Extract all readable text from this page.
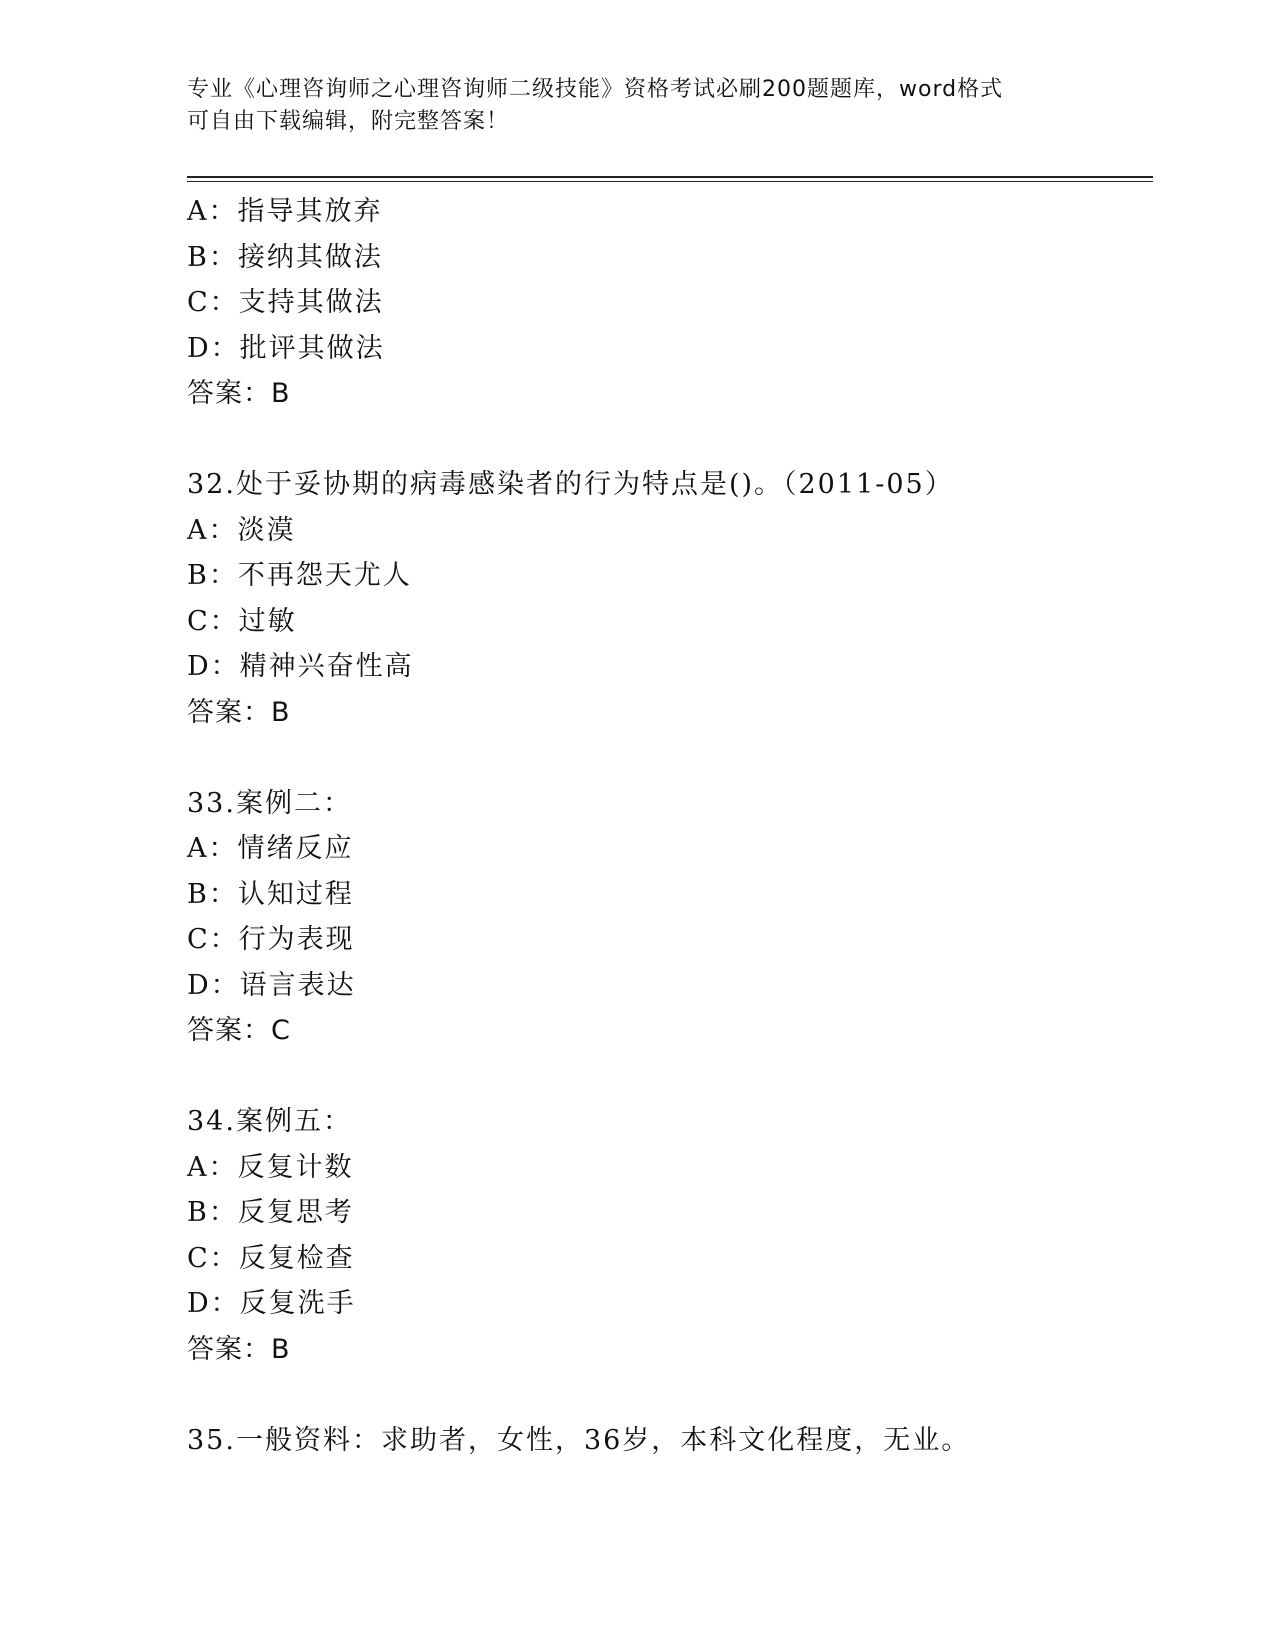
专业《心理咨询师之心理咨询师二级技能》资格考试必刷200题题库，word格式
可自由下载编辑，附完整答案！
A：指导其放弃
B：接纳其做法
C：支持其做法
D：批评其做法
答案：B
32.处于妥协期的病毒感染者的行为特点是()。（2011-05）
A：淡漠
B：不再怨天尤人
C：过敏
D：精神兴奋性高
答案：B
33.案例二：
A：情绪反应
B：认知过程
C：行为表现
D：语言表达
答案：C
34.案例五：
A：反复计数
B：反复思考
C：反复检查
D：反复洗手
答案：B
35.一般资料：求助者，女性，36岁，本科文化程度，无业。
